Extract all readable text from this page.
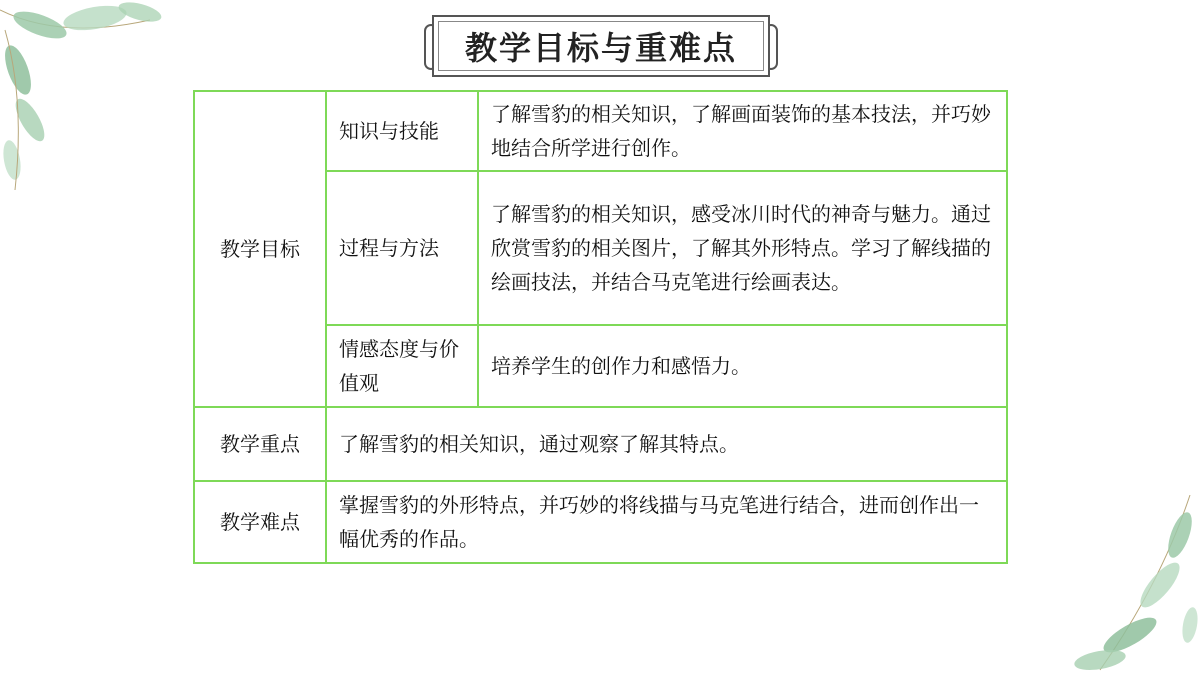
教学目标与重难点
教学目标	知识与技能	了解雪豹的相关知识，了解画面装饰的基本技法，并巧妙地结合所学进行创作。
	过程与方法	了解雪豹的相关知识，感受冰川时代的神奇与魅力。通过欣赏雪豹的相关图片，了解其外形特点。学习了解线描的绘画技法，并结合马克笔进行绘画表达。
	情感态度与价值观	培养学生的创作力和感悟力。
教学重点	了解雪豹的相关知识，通过观察了解其特点。	
教学难点	掌握雪豹的外形特点，并巧妙的将线描与马克笔进行结合，进而创作出一幅优秀的作品。	
